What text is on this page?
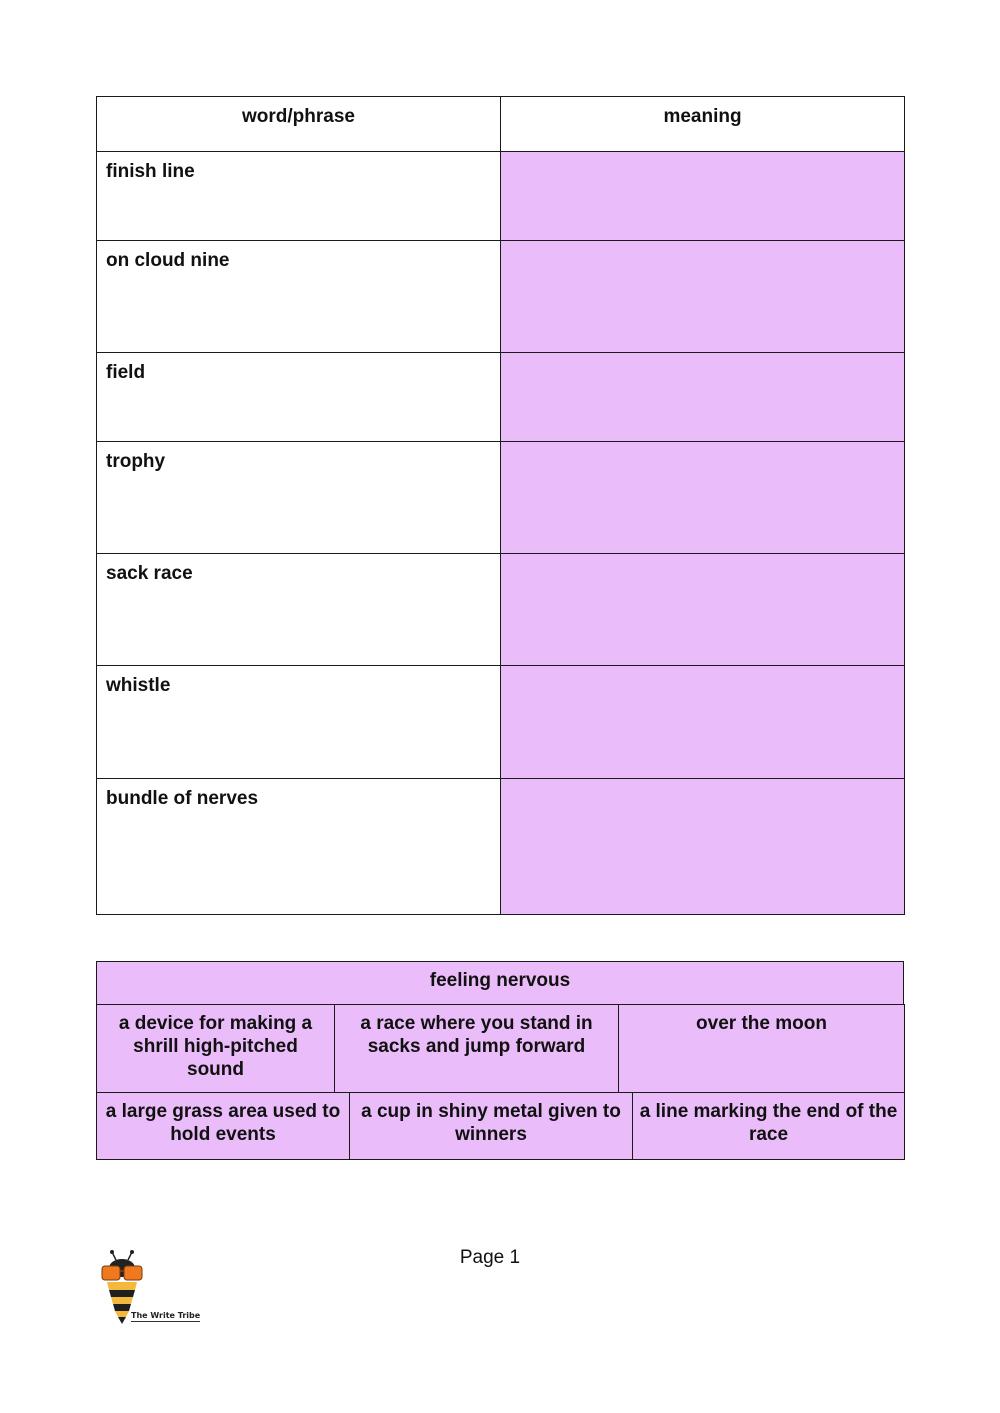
word/phrase	meaning
finish line	
on cloud nine	
field	
trophy	
sack race	
whistle	
bundle of nerves	
feeling nervous
a device for making a shrill high-pitched sound	a race where you stand in sacks and jump forward	over the moon
a large grass area used to hold events	a cup in shiny metal given to winners	a line marking the end of the race
Page 1
The Write Tribe
